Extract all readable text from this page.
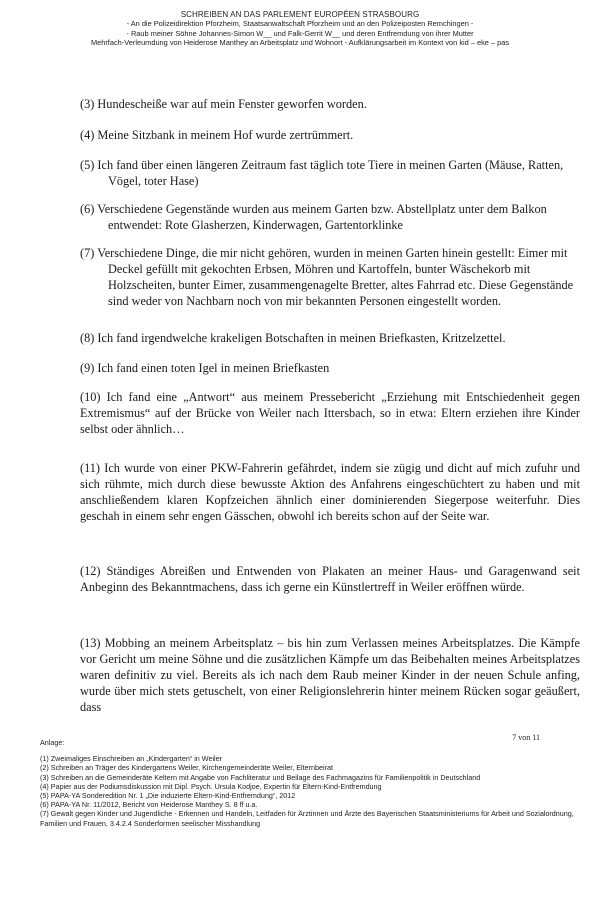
SCHREIBEN AN DAS PARLEMENT EUROPÉEN STRASBOURG
- An die Polizeidirektion Pforzheim, Staatsanwaltschaft Pforzheim und an den Polizeiposten Remchingen -
- Raub meiner Söhne Johannes-Simon W__ und Falk-Gerrit W__ und deren Entfremdung von ihrer Mutter
Mehrfach-Verleumdung von Heiderose Manthey an Arbeitsplatz und Wohnort - Aufklärungsarbeit im Kontext von kid – eke – pas

(3) Hundescheiße war auf mein Fenster geworfen worden.

(4) Meine Sitzbank in meinem Hof wurde zertrümmert.

(5) Ich fand über einen längeren Zeitraum fast täglich tote Tiere in meinen Garten (Mäuse, Ratten, Vögel, toter Hase)

(6) Verschiedene Gegenstände wurden aus meinem Garten bzw. Abstellplatz unter dem Balkon entwendet: Rote Glasherzen, Kinderwagen, Gartentorklinke

(7) Verschiedene Dinge, die mir nicht gehören, wurden in meinen Garten hinein gestellt: Eimer mit Deckel gefüllt mit gekochten Erbsen, Möhren und Kartoffeln, bunter Wäschekorb mit Holzscheiten, bunter Eimer, zusammengenagelte Bretter, altes Fahrrad etc. Diese Gegenstände sind weder von Nachbarn noch von mir bekannten Personen eingestellt worden.

(8) Ich fand irgendwelche krakeligen Botschaften in meinen Briefkasten, Kritzelzettel.

(9) Ich fand einen toten Igel in meinen Briefkasten

(10) Ich fand eine „Antwort“ aus meinem Pressebericht „Erziehung mit Entschiedenheit gegen Extremismus“ auf der Brücke von Weiler nach Ittersbach, so in etwa: Eltern erziehen ihre Kinder selbst oder ähnlich…

(11) Ich wurde von einer PKW-Fahrerin gefährdet, indem sie zügig und dicht auf mich zufuhr und sich rühmte, mich durch diese bewusste Aktion des Anfahrens eingeschüchtert zu haben und mit anschließendem klaren Kopfzeichen ähnlich einer dominierenden Siegerpose weiterfuhr. Dies geschah in einem sehr engen Gässchen, obwohl ich bereits schon auf der Seite war.

(12) Ständiges Abreißen und Entwenden von Plakaten an meiner Haus- und Garagenwand seit Anbeginn des Bekanntmachens, dass ich gerne ein Künstlertreff in Weiler eröffnen würde.

(13) Mobbing an meinem Arbeitsplatz – bis hin zum Verlassen meines Arbeitsplatzes. Die Kämpfe vor Gericht um meine Söhne und die zusätzlichen Kämpfe um das Beibehalten meines Arbeitsplatzes waren definitiv zu viel. Bereits als ich nach dem Raub meiner Kinder in der neuen Schule anfing, wurde über mich stets getuschelt, von einer Religionslehrerin hinter meinem Rücken sogar geäußert, dass

7 von 11
Anlage:
(1) Zweimaliges Einschreiben an „Kindergarten“ in Weiler
(2) Schreiben an Träger des Kindergartens Weiler, Kirchengemeinderäte Weiler, Elternbeirat
(3) Schreiben an die Gemeinderäte Keltern mit Angabe von Fachliteratur und Beilage des Fachmagazins für Familienpolitik in Deutschland
(4) Papier aus der Podiumsdiskussion mit Dipl. Psych. Ursula Kodjoe, Expertin für Eltern-Kind-Entfremdung
(5) PAPA-YA Sonderedition Nr. 1 „Die induzierte Eltern-Kind-Entfremdung“, 2012
(6) PAPA-YA Nr. 11/2012, Bericht von Heiderose Manthey S. 8 ff u.a.
(7) Gewalt gegen Kinder und Jugendliche - Erkennen und Handeln, Leitfaden für Ärztinnen und Ärzte des Bayerischen Staatsministeriums für Arbeit und Sozialordnung, Familien und Frauen, 3.4.2.4 Sonderformen seelischer Misshandlung
